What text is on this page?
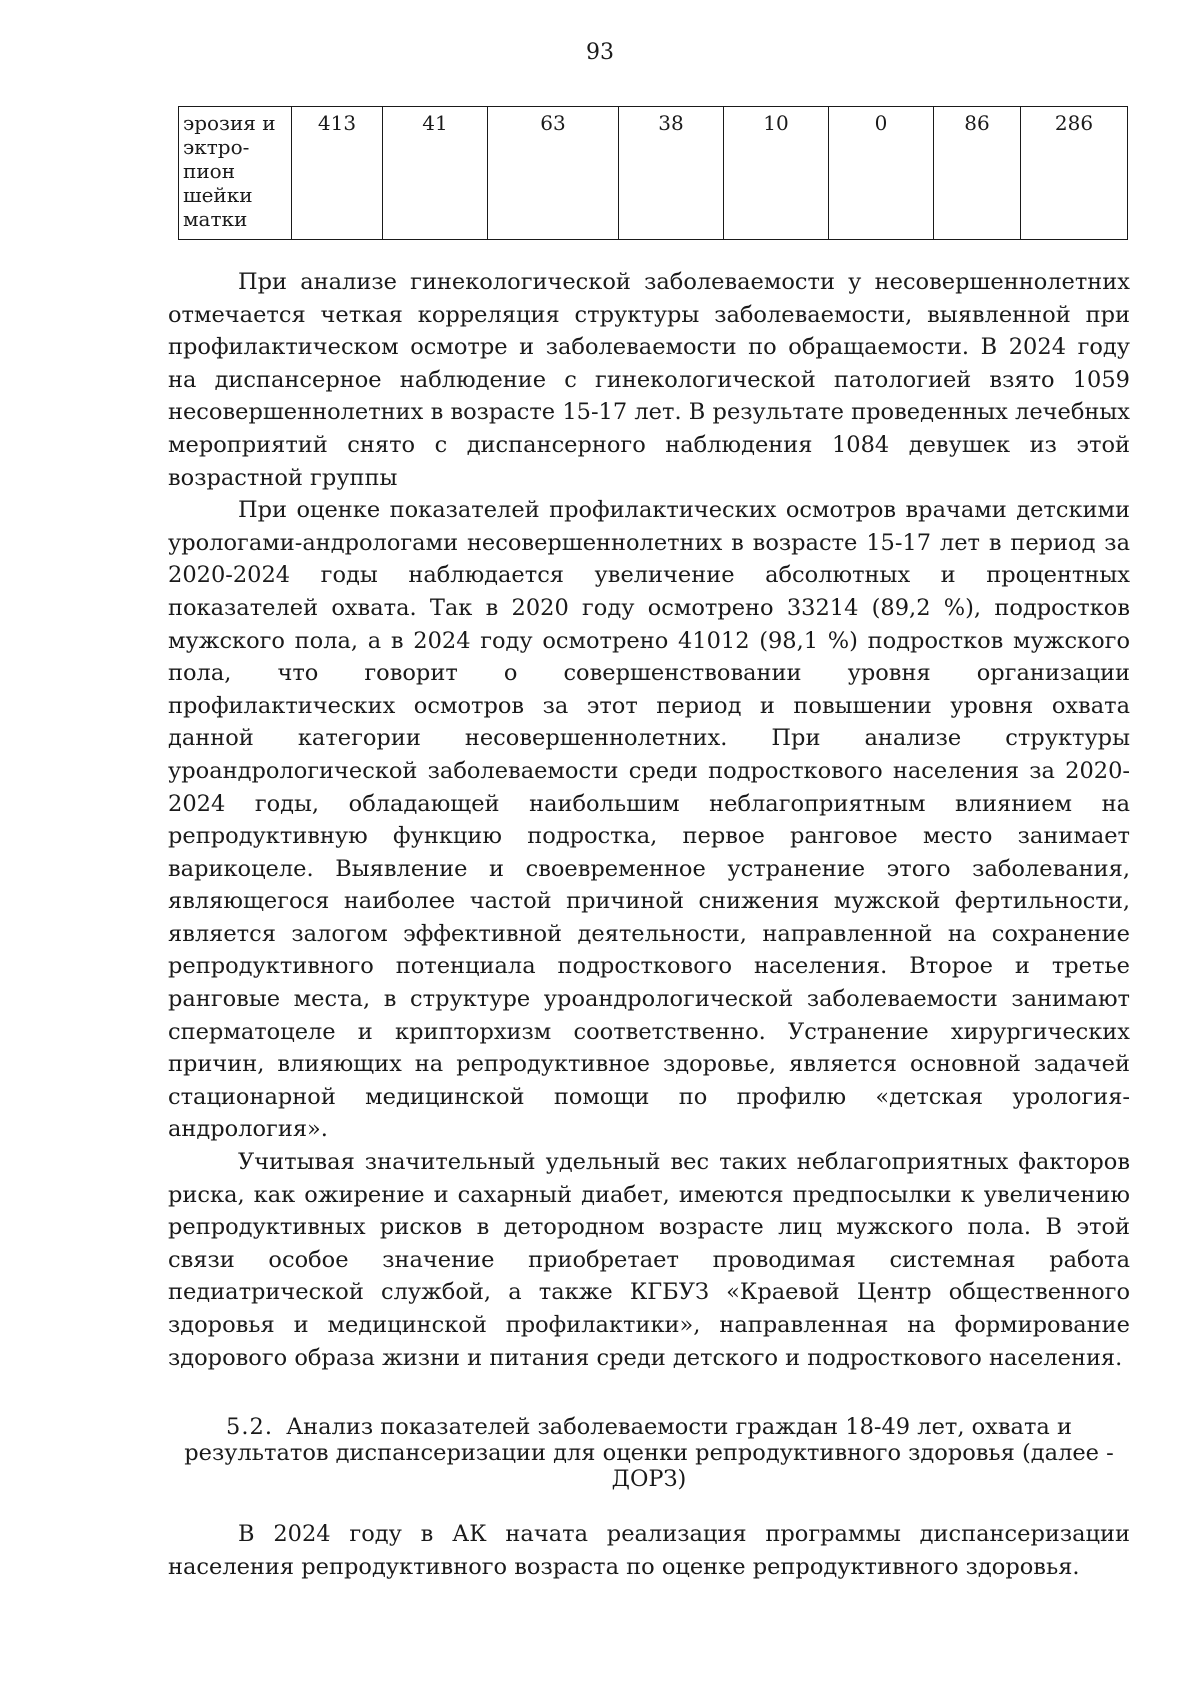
93
эрозия и
эктро-
пион
шейки
матки	413	41	63	38	10	0	86	286

При анализе гинекологической заболеваемости у несовершеннолетних отмечается четкая корреляция структуры заболеваемости, выявленной при профилактическом осмотре и заболеваемости по обращаемости. В 2024 году на диспансерное наблюдение с гинекологической патологией взято 1059 несовершеннолетних в возрасте 15-17 лет. В результате проведенных лечебных мероприятий снято с диспансерного наблюдения 1084 девушек из этой возрастной группы

При оценке показателей профилактических осмотров врачами детскими урологами-андрологами несовершеннолетних в возрасте 15-17 лет в период за 2020-2024 годы наблюдается увеличение абсолютных и процентных показателей охвата. Так в 2020 году осмотрено 33214 (89,2 %), подростков мужского пола, а в 2024 году осмотрено 41012 (98,1 %) подростков мужского пола, что говорит о совершенствовании уровня организации профилактических осмотров за этот период и повышении уровня охвата данной категории несовершеннолетних. При анализе структуры уроандрологической заболеваемости среди подросткового населения за 2020-2024 годы, обладающей наибольшим неблагоприятным влиянием на репродуктивную функцию подростка, первое ранговое место занимает варикоцеле. Выявление и своевременное устранение этого заболевания, являющегося наиболее частой причиной снижения мужской фертильности, является залогом эффективной деятельности, направленной на сохранение репродуктивного потенциала подросткового населения. Второе и третье ранговые места, в структуре уроандрологической заболеваемости занимают сперматоцеле и крипторхизм соответственно. Устранение хирургических причин, влияющих на репродуктивное здоровье, является основной задачей стационарной медицинской помощи по профилю «детская урология-андрология».

Учитывая значительный удельный вес таких неблагоприятных факторов риска, как ожирение и сахарный диабет, имеются предпосылки к увеличению репродуктивных рисков в детородном возрасте лиц мужского пола. В этой связи особое значение приобретает проводимая системная работа педиатрической службой, а также КГБУЗ «Краевой Центр общественного здоровья и медицинской профилактики», направленная на формирование здорового образа жизни и питания среди детского и подросткового населения.

5.2. Анализ показателей заболеваемости граждан 18-49 лет, охвата и результатов диспансеризации для оценки репродуктивного здоровья (далее - ДОРЗ)

В 2024 году в АК начата реализация программы диспансеризации населения репродуктивного возраста по оценке репродуктивного здоровья.
